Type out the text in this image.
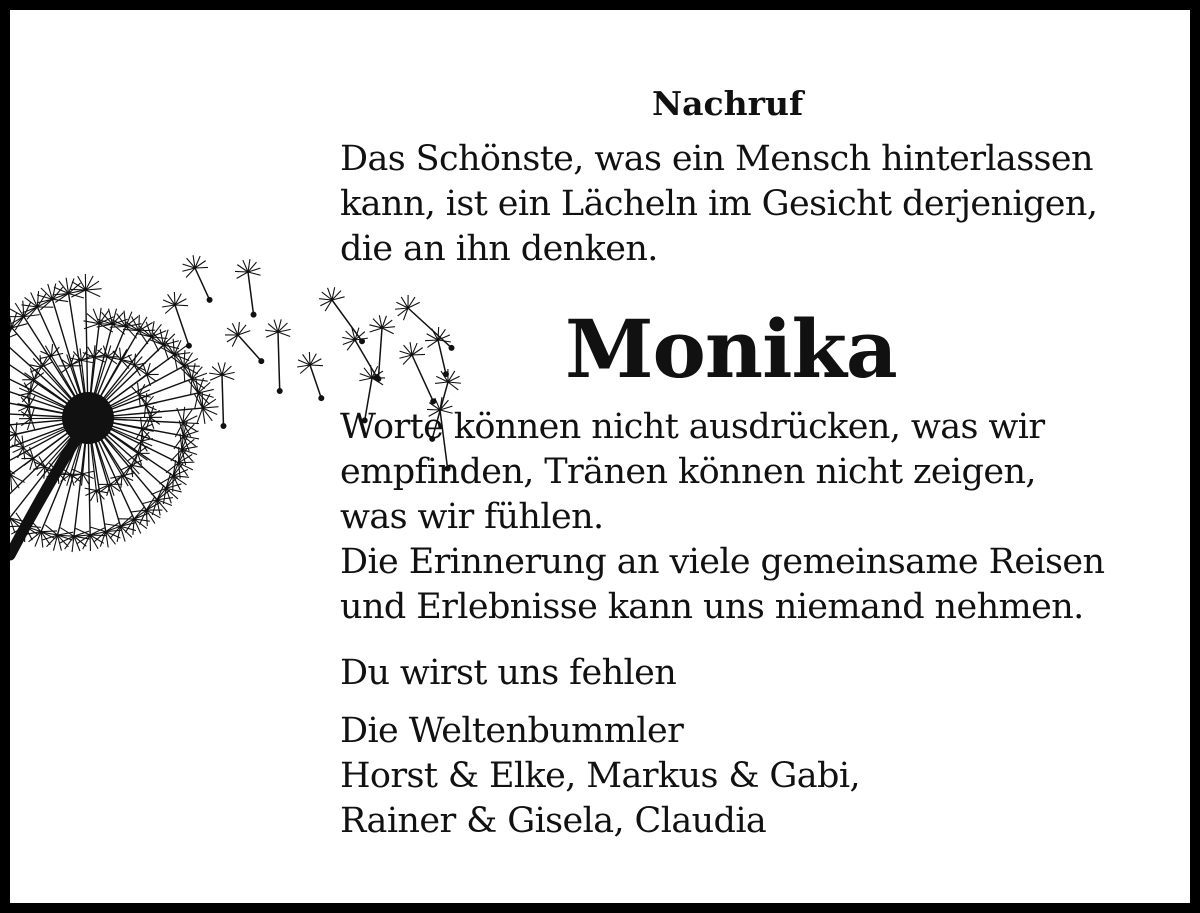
Nachruf
Das Schönste, was ein Mensch hinterlassen
kann, ist ein Lächeln im Gesicht derjenigen,
die an ihn denken.
Monika
Worte können nicht ausdrücken, was wir
empfinden, Tränen können nicht zeigen,
was wir fühlen.
Die Erinnerung an viele gemeinsame Reisen
und Erlebnisse kann uns niemand nehmen.
Du wirst uns fehlen
Die Weltenbummler
Horst & Elke, Markus & Gabi,
Rainer & Gisela, Claudia
